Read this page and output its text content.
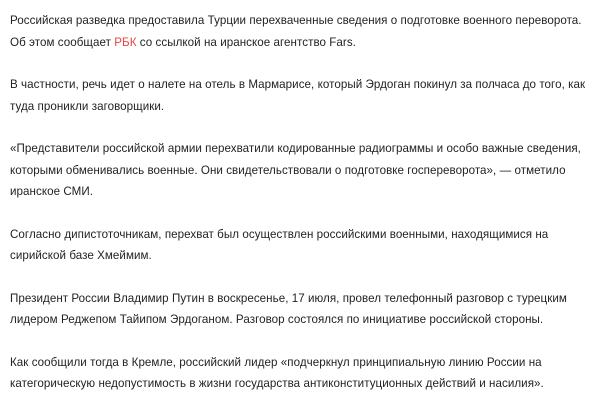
Российская разведка предоставила Турции перехваченные сведения о подготовке военного переворота. Об этом сообщает РБК со ссылкой на иранское агентство Fars.

В частности, речь идет о налете на отель в Мармарисе, который Эрдоган покинул за полчаса до того, как туда проникли заговорщики.

«Представители российской армии перехватили кодированные радиограммы и особо важные сведения, которыми обменивались военные. Они свидетельствовали о подготовке госпереворота», — отметило иранское СМИ.

Согласно дипистоточникам, перехват был осуществлен российскими военными, находящимися на сирийской базе Хмеймим.

Президент России Владимир Путин в воскресенье, 17 июля, провел телефонный разговор с турецким лидером Реджепом Тайипом Эрдоганом. Разговор состоялся по инициативе российской стороны.

Как сообщили тогда в Кремле, российский лидер «подчеркнул принципиальную линию России на категорическую недопустимость в жизни государства антиконституционных действий и насилия».
